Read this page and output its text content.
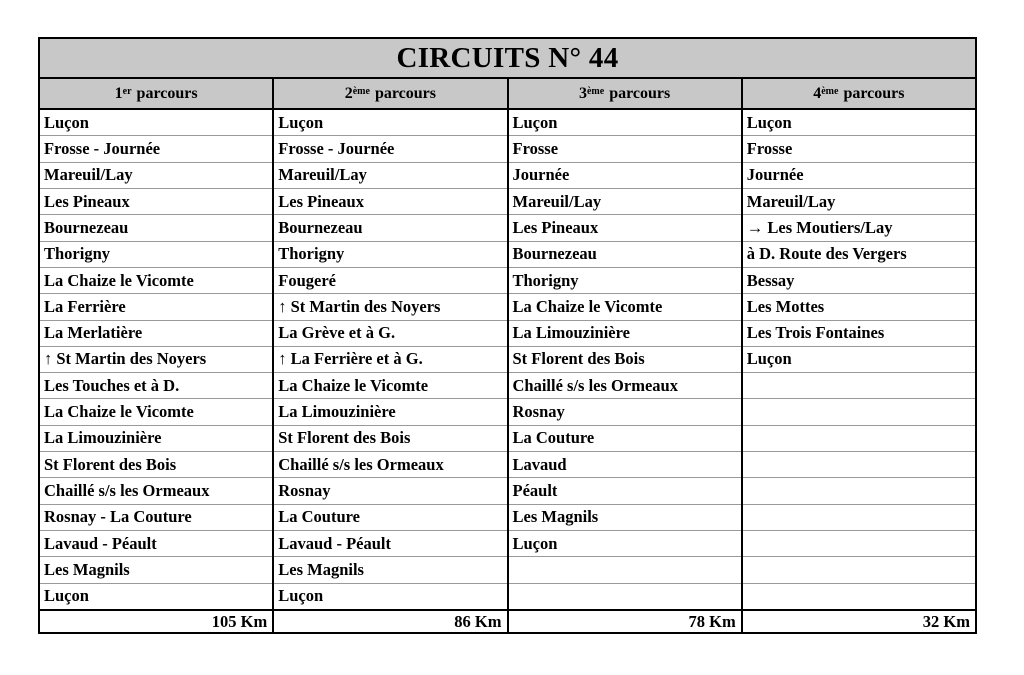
CIRCUITS N° 44
1er
parcours
Luçon
Frosse - Journée
Mareuil/Lay
Les Pineaux
Bournezeau
Thorigny
La Chaize le Vicomte
La Ferrière
La Merlatière
↑ St Martin des Noyers
Les Touches et à D.
La Chaize le Vicomte
La Limouzinière
St Florent des Bois
Chaillé s/s les Ormeaux
Rosnay - La Couture
Lavaud - Péault
Les Magnils
Luçon
105 Km
2ème
parcours
Luçon
Frosse - Journée
Mareuil/Lay
Les Pineaux
Bournezeau
Thorigny
Fougeré
↑ St Martin des Noyers
La Grève et à G.
↑ La Ferrière et à G.
La Chaize le Vicomte
La Limouzinière
St Florent des Bois
Chaillé s/s les Ormeaux
Rosnay
La Couture
Lavaud - Péault
Les Magnils
Luçon
86 Km
3ème
parcours
Luçon
Frosse
Journée
Mareuil/Lay
Les Pineaux
Bournezeau
Thorigny
La Chaize le Vicomte
La Limouzinière
St Florent des Bois
Chaillé s/s les Ormeaux
Rosnay
La Couture
Lavaud
Péault
Les Magnils
Luçon
78 Km
4ème
parcours
Luçon
Frosse
Journée
Mareuil/Lay
→ Les Moutiers/Lay
à D. Route des Vergers
Bessay
Les Mottes
Les Trois Fontaines
Luçon
32 Km
